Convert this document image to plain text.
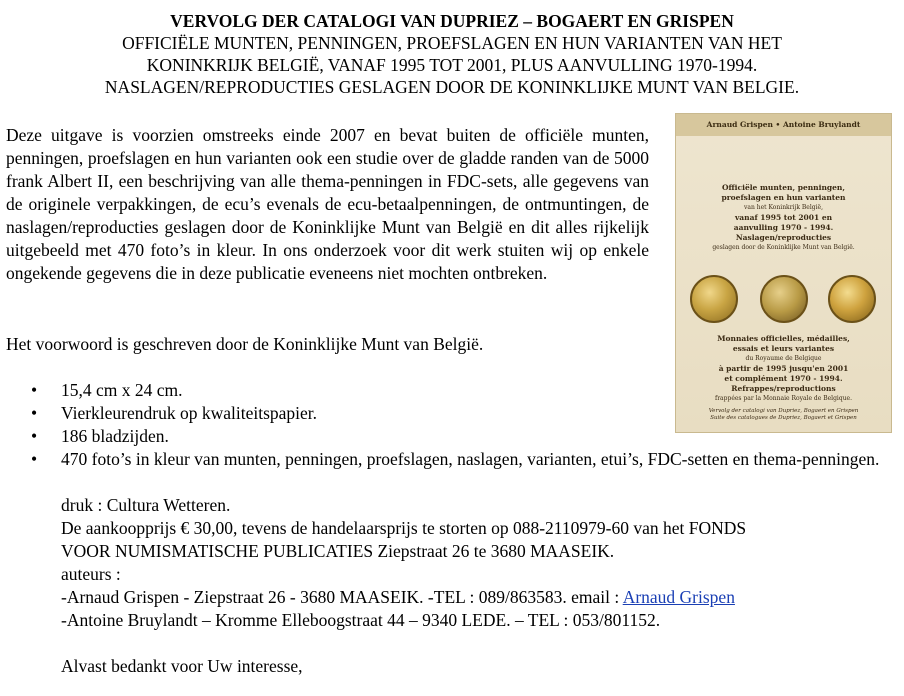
VERVOLG DER CATALOGI VAN DUPRIEZ – BOGAERT EN GRISPEN
OFFICIËLE MUNTEN, PENNINGEN, PROEFSLAGEN EN HUN VARIANTEN VAN HET
KONINKRIJK BELGIË, VANAF 1995 TOT 2001, PLUS AANVULLING 1970-1994.
NASLAGEN/REPRODUCTIES GESLAGEN DOOR DE KONINKLIJKE MUNT VAN BELGIE.

Deze uitgave is voorzien omstreeks einde 2007 en bevat buiten de officiële munten, penningen, proefslagen en hun varianten ook een studie over de gladde randen van de 5000 frank Albert II, een beschrijving van alle thema-penningen in FDC-sets, alle gegevens van de originele verpakkingen, de ecu’s evenals de ecu-betaalpenningen, de ontmuntingen, de naslagen/reproducties geslagen door de Koninklijke Munt van België en dit alles rijkelijk uitgebeeld met 470 foto’s in kleur. In ons onderzoek voor dit werk stuiten wij op enkele ongekende gegevens die in deze publicatie eveneens niet mochten ontbreken.

Het voorwoord is geschreven door de Koninklijke Munt van België.

• 15,4 cm x 24 cm.
• Vierkleurendruk op kwaliteitspapier.
• 186 bladzijden.
• 470 foto’s in kleur van munten, penningen, proefslagen, naslagen, varianten, etui’s, FDC-setten en thema-penningen.
druk : Cultura Wetteren.
De aankoopprijs € 30,00, tevens de handelaarsprijs te storten op 088-2110979-60 van het FONDS
VOOR NUMISMATISCHE PUBLICATIES Ziepstraat 26 te 3680 MAASEIK.
auteurs :
-Arnaud Grispen - Ziepstraat 26 - 3680 MAASEIK. -TEL : 089/863583. email : Arnaud Grispen
-Antoine Bruylandt – Kromme Elleboogstraat 44 – 9340 LEDE. – TEL : 053/801152.
Alvast bedankt voor Uw interesse,
Arnaud Grispen • Antoine Bruylandt
Officiële munten, penningen,
proefslagen en hun varianten
van het Koninkrijk België,
vanaf 1995 tot 2001 en
aanvulling 1970 - 1994.
Naslagen/reproducties
geslagen door de Koninklijke Munt van België.
Monnaies officielles, médailles,
essais et leurs variantes
du Royaume de Belgique
à partir de 1995 jusqu'en 2001
et complément 1970 - 1994.
Refrappes/reproductions
frappées par la Monnaie Royale de Belgique.
Vervolg der catalogi van Dupriez, Bogaert en Grispen
Suite des catalogues de Dupriez, Bogaert et Grispen
